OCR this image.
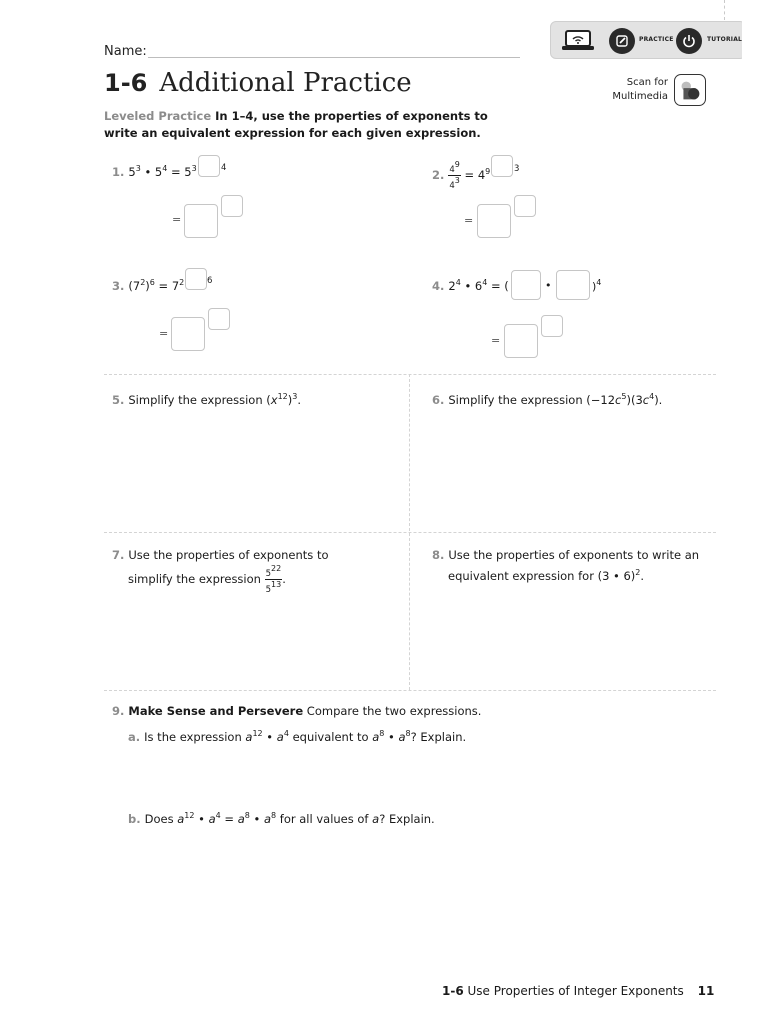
Name:
1-6 Additional Practice
PRACTICE	TUTORIAL
Scan for
Multimedia
Leveled Practice In 1–4, use the properties of exponents to write an equivalent expression for each given expression.
1. $5^3$ • $5^4 = 5^3$	4
=
2. $\frac{4^9}{4^3} = 4^9$	3
=
3. $(7^2)^6 = 7^2$	6
=
4. $2^4$ • $6^4$ = (	•	)$^4$
=
5. Simplify the expression $(x^{12})^3$.	6. Simplify the expression $(-12c^5)(3c^4)$.
7. Use the properties of exponents to
simplify the expression $\frac{5^{22}}{5^{13}}$ .
8. Use the properties of exponents to write an
equivalent expression for (3 • 6)$^2$.
9. Make Sense and Persevere Compare the two expressions.
a. Is the expression $a^{12}$ • $a^4$ equivalent to $a^8$ • $a^8$? Explain.
b. Does $a^{12}$ • $a^4 = a^8$ • $a^8$ for all values of a? Explain.
1-6 Use Properties of Integer Exponents 11
